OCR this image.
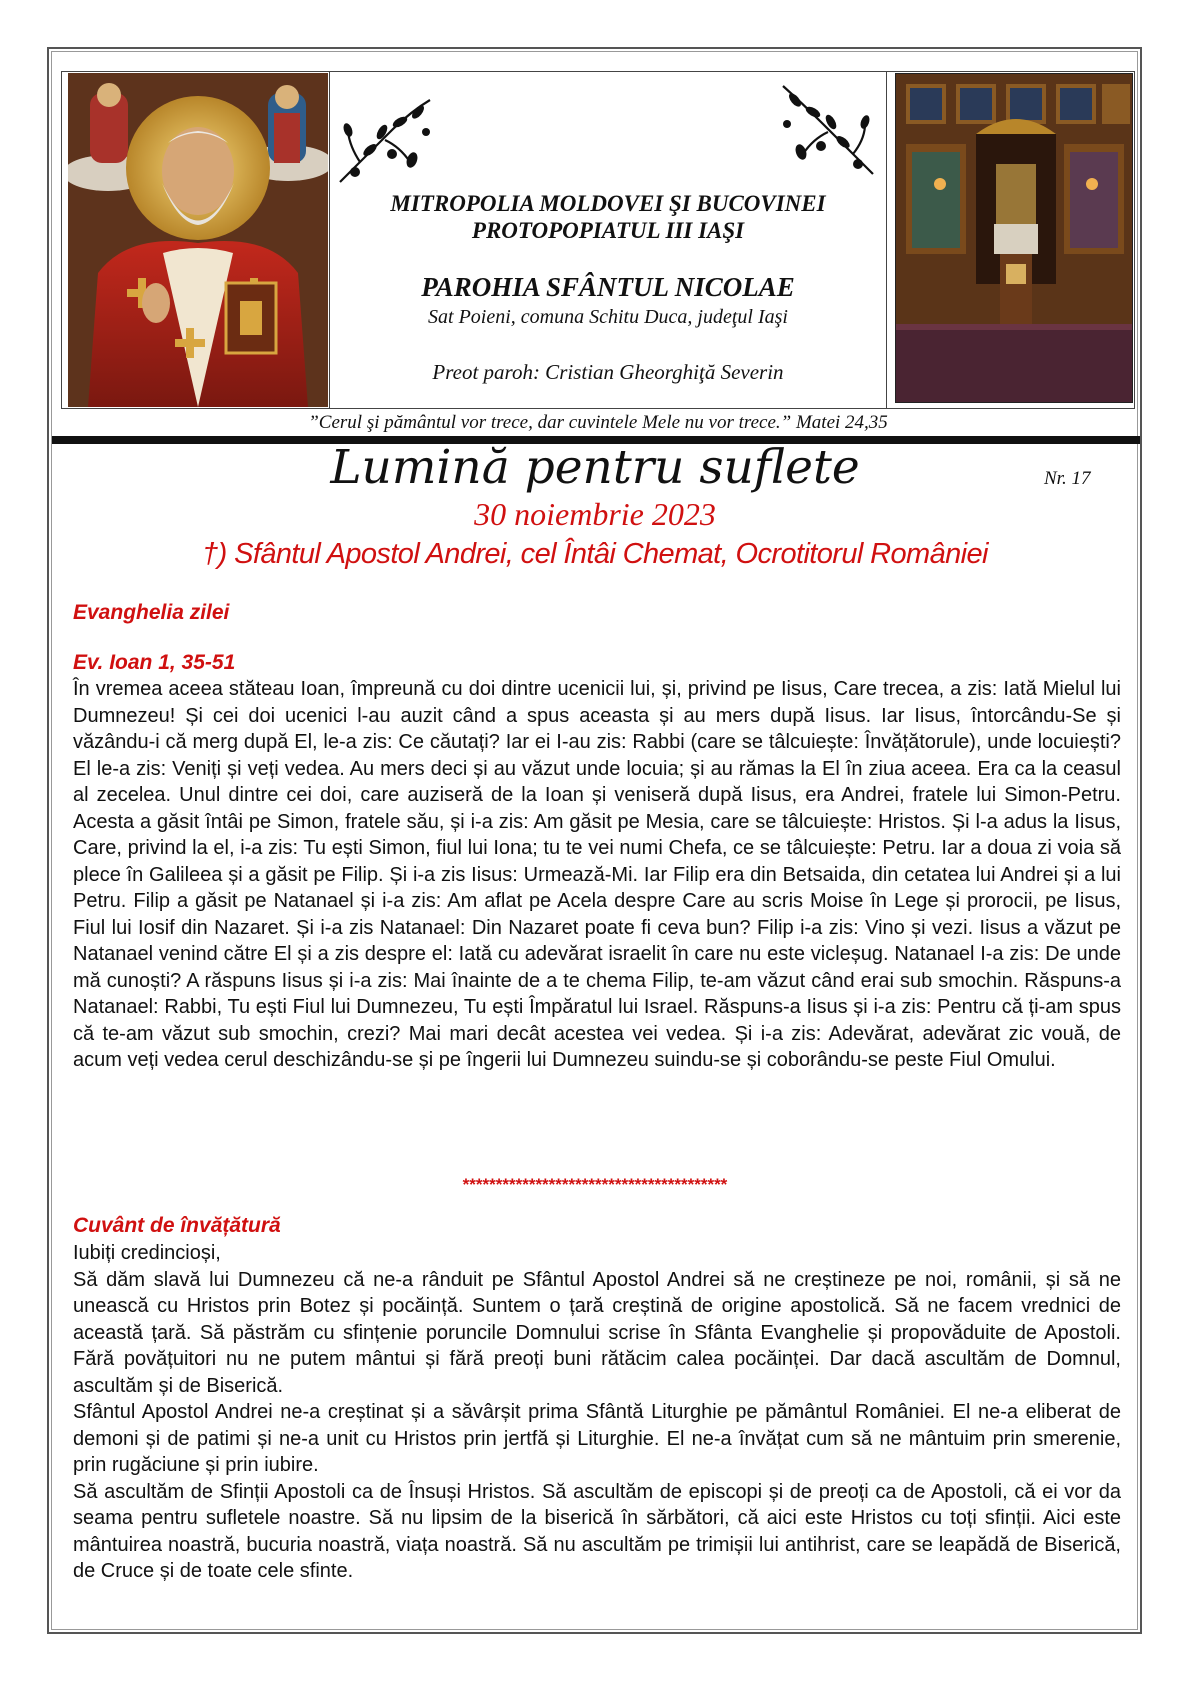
MITROPOLIA MOLDOVEI ŞI BUCOVINEI
PROTOPOPIATUL III IAŞI
PAROHIA SFÂNTUL NICOLAE
Sat Poieni, comuna Schitu Duca, judeţul Iaşi
Preot paroh: Cristian Gheorghiţă Severin
”Cerul şi pământul vor trece, dar cuvintele Mele nu vor trece.” Matei 24,35
Lumină pentru suflete	Nr. 17
30 noiembrie 2023
†) Sfântul Apostol Andrei, cel Întâi Chemat, Ocrotitorul României
Evanghelia zilei
Ev. Ioan 1, 35-51

În vremea aceea stăteau Ioan, împreună cu doi dintre ucenicii lui, și, privind pe Iisus, Care trecea, a zis: Iată Mielul lui Dumnezeu! Și cei doi ucenici l-au auzit când a spus aceasta și au mers după Iisus. Iar Iisus, întorcându-Se și văzându-i că merg după El, le-a zis: Ce căutați? Iar ei I-au zis: Rabbi (care se tâlcuiește: Învățătorule), unde locuiești? El le-a zis: Veniți și veți vedea. Au mers deci și au văzut unde locuia; și au rămas la El în ziua aceea. Era ca la ceasul al zecelea. Unul dintre cei doi, care auziseră de la Ioan și veniseră după Iisus, era Andrei, fratele lui Simon-Petru. Acesta a găsit întâi pe Simon, fratele său, și i-a zis: Am găsit pe Mesia, care se tâlcuiește: Hristos. Și l-a adus la Iisus, Care, privind la el, i-a zis: Tu ești Simon, fiul lui Iona; tu te vei numi Chefa, ce se tâlcuiește: Petru. Iar a doua zi voia să plece în Galileea și a găsit pe Filip. Și i-a zis Iisus: Urmează-Mi. Iar Filip era din Betsaida, din cetatea lui Andrei și a lui Petru. Filip a găsit pe Natanael și i-a zis: Am aflat pe Acela despre Care au scris Moise în Lege și prorocii, pe Iisus, Fiul lui Iosif din Nazaret. Și i-a zis Natanael: Din Nazaret poate fi ceva bun? Filip i-a zis: Vino și vezi. Iisus a văzut pe Natanael venind către El și a zis despre el: Iată cu adevărat israelit în care nu este vicleșug. Natanael I-a zis: De unde mă cunoști? A răspuns Iisus și i-a zis: Mai înainte de a te chema Filip, te-am văzut când erai sub smochin. Răspuns-a Natanael: Rabbi, Tu ești Fiul lui Dumnezeu, Tu ești Împăratul lui Israel. Răspuns-a Iisus și i-a zis: Pentru că ți-am spus că te-am văzut sub smochin, crezi? Mai mari decât acestea vei vedea. Și i-a zis: Adevărat, adevărat zic vouă, de acum veți vedea cerul deschizându-se și pe îngerii lui Dumnezeu suindu-se și coborându-se peste Fiul Omului.

****************************************
Cuvânt de învățătură

Iubiți credincioși,

Să dăm slavă lui Dumnezeu că ne-a rânduit pe Sfântul Apostol Andrei să ne creștineze pe noi, românii, și să ne unească cu Hristos prin Botez și pocăință. Suntem o țară creștină de origine apostolică. Să ne facem vrednici de această țară. Să păstrăm cu sfințenie poruncile Domnului scrise în Sfânta Evanghelie și propovăduite de Apostoli. Fără povățuitori nu ne putem mântui și fără preoți buni rătăcim calea pocăinței. Dar dacă ascultăm de Domnul, ascultăm și de Biserică.

Sfântul Apostol Andrei ne-a creștinat și a săvârșit prima Sfântă Liturghie pe pământul României. El ne-a eliberat de demoni și de patimi și ne-a unit cu Hristos prin jertfă și Liturghie. El ne-a învățat cum să ne mântuim prin smerenie, prin rugăciune și prin iubire.

Să ascultăm de Sfinții Apostoli ca de Însuși Hristos. Să ascultăm de episcopi și de preoți ca de Apostoli, că ei vor da seama pentru sufletele noastre. Să nu lipsim de la biserică în sărbători, că aici este Hristos cu toți sfinții. Aici este mântuirea noastră, bucuria noastră, viața noastră. Să nu ascultăm pe trimișii lui antihrist, care se leapădă de Biserică, de Cruce și de toate cele sfinte.
